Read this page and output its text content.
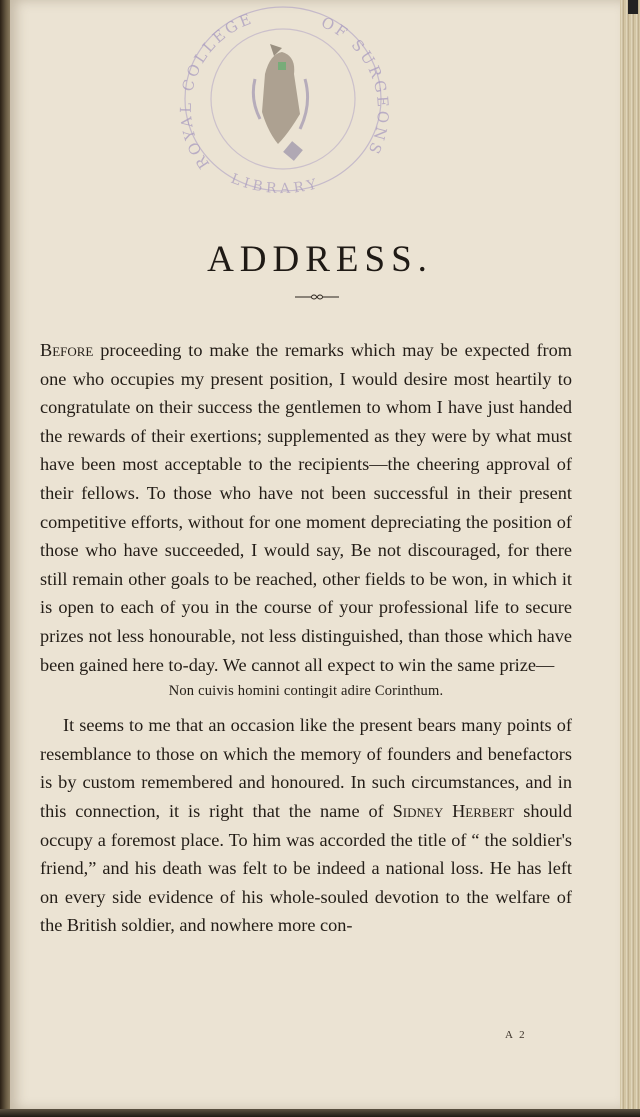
ROYAL COLLEGE	OF SURGEONS
LIBRARY
ADDRESS.

Before proceeding to make the remarks which may be expected from one who occupies my present position, I would desire most heartily to congratulate on their success the gentlemen to whom I have just handed the rewards of their exertions; supplemented as they were by what must have been most acceptable to the recipients—the cheering approval of their fellows. To those who have not been successful in their present competitive efforts, without for one moment depreciating the position of those who have succeeded, I would say, Be not discouraged, for there still remain other goals to be reached, other fields to be won, in which it is open to each of you in the course of your professional life to secure prizes not less honourable, not less distinguished, than those which have been gained here to-day. We cannot all expect to win the same prize—

Non cuivis homini contingit adire Corinthum.

It seems to me that an occasion like the present bears many points of resemblance to those on which the memory of founders and benefactors is by custom remembered and honoured. In such circumstances, and in this connection, it is right that the name of Sidney Herbert should occupy a foremost place. To him was accorded the title of “ the soldier's friend,” and his death was felt to be indeed a national loss. He has left on every side evidence of his whole-souled devotion to the welfare of the British soldier, and nowhere more con-

A 2
